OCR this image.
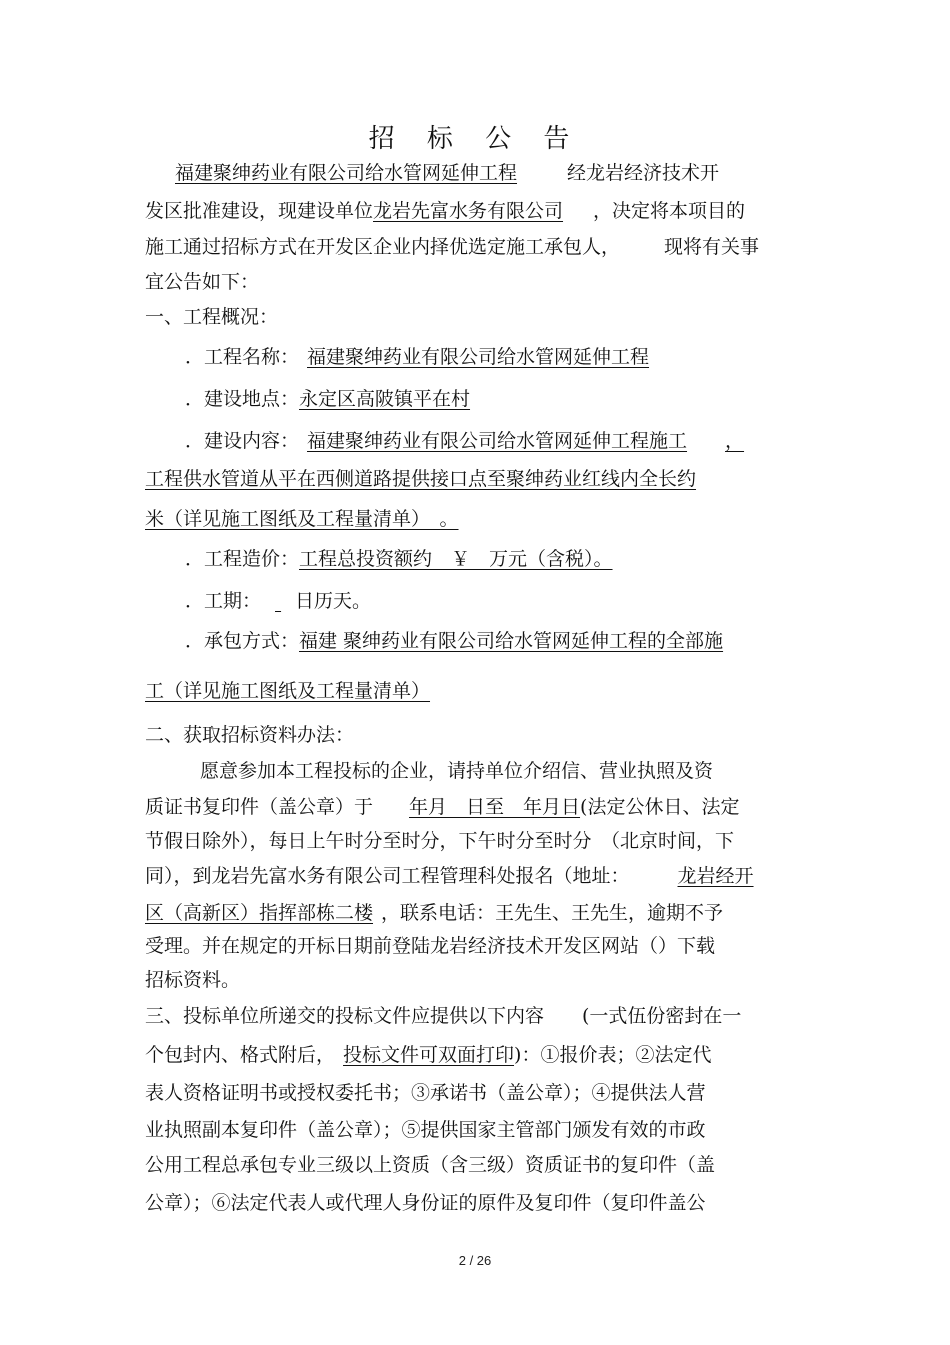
招 标 公 告
福建聚绅药业有限公司给水管网延伸工程	经龙岩经济技术开
发区批准建设，现建设单位龙岩先富水务有限公司 ，决定将本项目的
施工通过招标方式在开发区企业内择优选定施工承包人， 现将有关事
宜公告如下：
一、工程概况：
．工程名称： 福建聚绅药业有限公司给水管网延伸工程
．建设地点：永定区高陂镇平在村
．建设内容： 福建聚绅药业有限公司给水管网延伸工程施工 ，
工程供水管道从平在西侧道路提供接口点至聚绅药业红线内全长约
米（详见施工图纸及工程量清单）　。
．工程造价：工程总投资额约　￥　万元（含税）。
．工期： 日历天。
．承包方式：福建 聚绅药业有限公司给水管网延伸工程的全部施
工（详见施工图纸及工程量清单）
二、获取招标资料办法：
愿意参加本工程投标的企业，请持单位介绍信、营业执照及资
质证书复印件（盖公章）于 年月　日至　年月日(法定公休日、法定
节假日除外），每日上午时分至时分，下午时分至时分　（北京时间，下
同），到龙岩先富水务有限公司工程管理科处报名（地址：	龙岩经开
区（高新区）指挥部栋二楼 ，联系电话：王先生、王先生，逾期不予
受理。并在规定的开标日期前登陆龙岩经济技术开发区网站（）下载
招标资料。
三、投标单位所递交的投标文件应提供以下内容　　(一式伍份密封在一
个包封内、格式附后， 投标文件可双面打印)：①报价表；②法定代
表人资格证明书或授权委托书；③承诺书（盖公章）；④提供法人营
业执照副本复印件（盖公章）；⑤提供国家主管部门颁发有效的市政
公用工程总承包专业三级以上资质（含三级）资质证书的复印件（盖
公章）；⑥法定代表人或代理人身份证的原件及复印件（复印件盖公
2 / 26
